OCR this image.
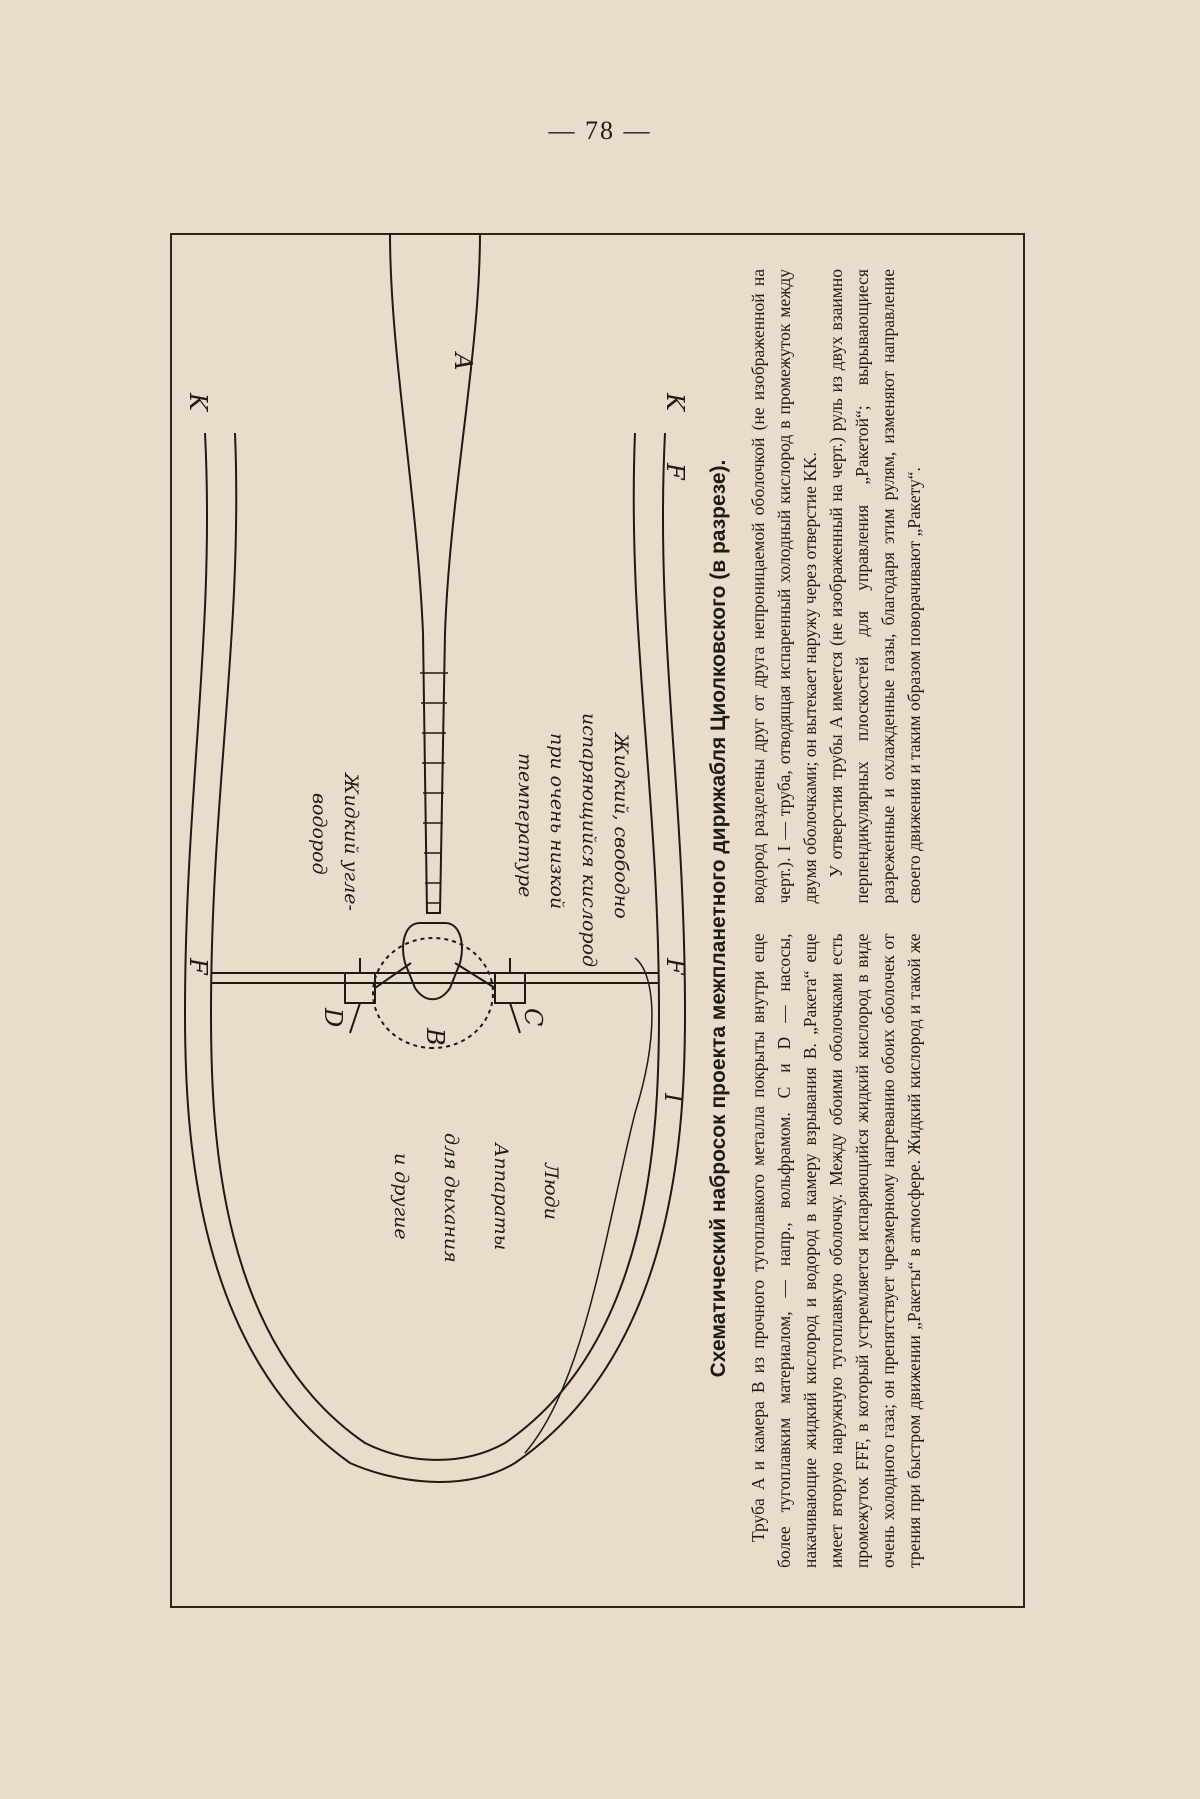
— 78 —
Схематический набросок проекта межпланетного дирижабля Циолковского (в разрезе). Труба A и камера B из прочного тугоплавкого металла покрыты внутри еще более тугоплавким материалом, — напр., вольфрамом. C и D — насосы, накачивающие жидкий кислород и водород в камеру взрывания B. „Ракета“ еще имеет вторую наружную тугоплавкую оболочку. Между обоими оболочками есть промежуток FFF, в который устремляется испаряющийся жидкий кислород в виде очень холодного газа; он препятствует чрезмерному нагреванию обоих оболочек от трения при быстром движении „Ракеты“ в атмосфере. Жидкий кислород и такой же водород разделены друг от друга непроницаемой оболочкой (не изображенной на черт.). I — труба, отводящая испаренный холодный кислород в промежуток между двумя оболочками; он вытекает наружу через отверстие KK. У отверстия трубы A имеется (не изображенный на черт.) руль из двух взаимно перпендикулярных плоскостей для управления „Ракетой“; вырывающиеся разреженные и охлажденные газы, благодаря этим рулям, изменяют направление своего движения и таким образом поворачивают „Ракету“.

A
B
C
D
F
F
F
I
K
K
Жидкий, свободно
испаряющийся кислород
при очень низкой
температуре
Жидкий угле-
водород
Люди
Аппараты
для дыхания
и другие
